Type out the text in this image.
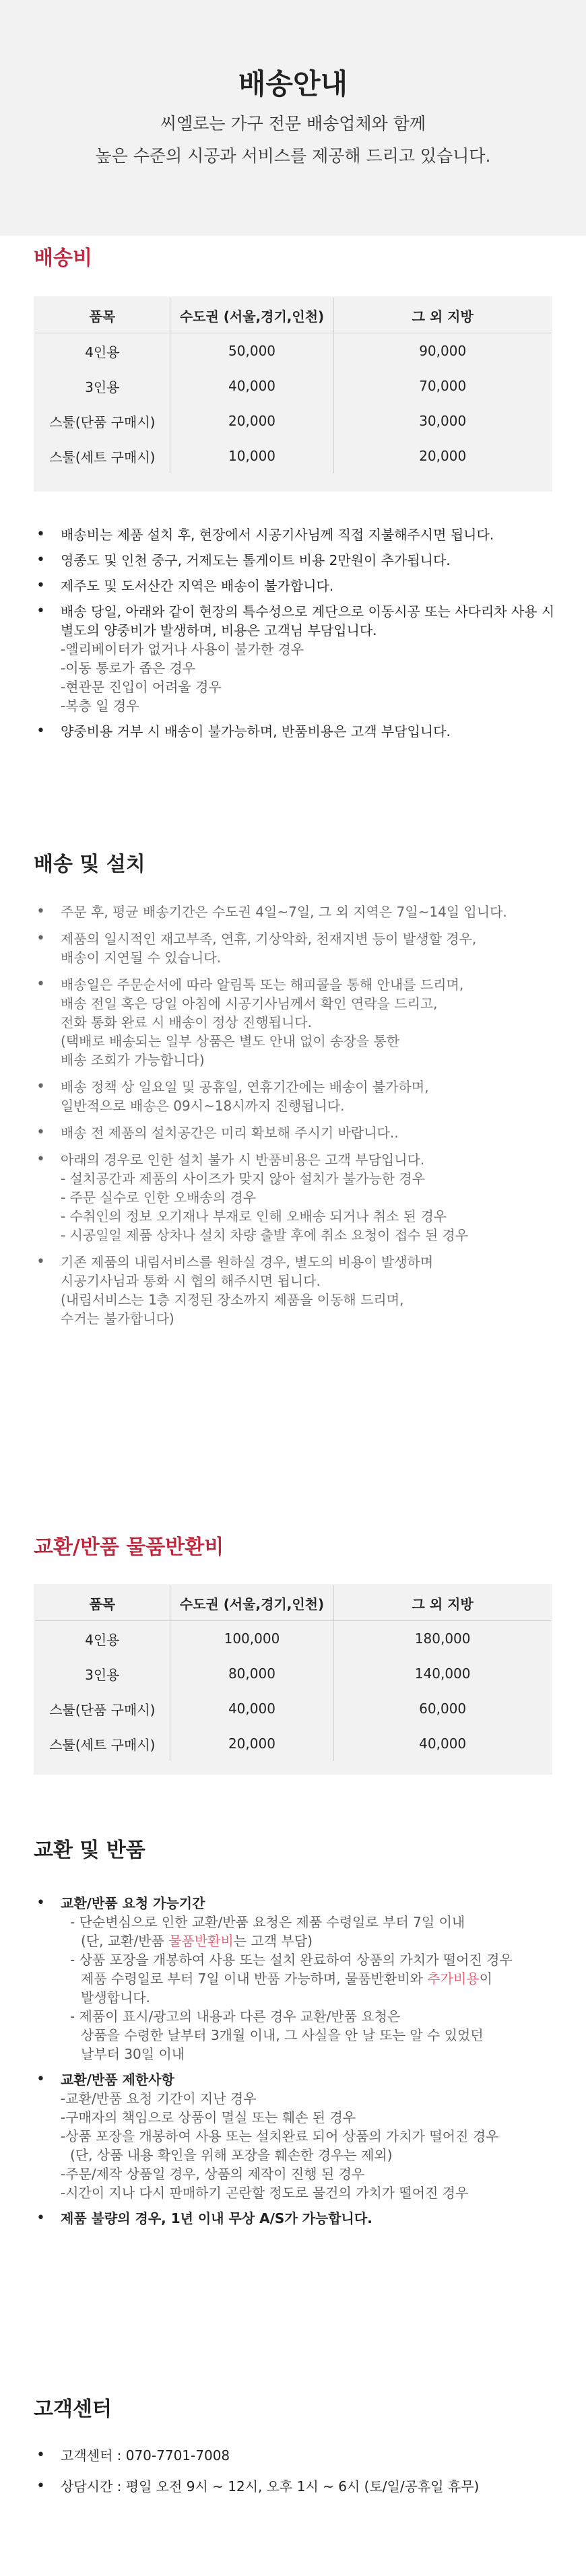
배송안내
씨엘로는 가구 전문 배송업체와 함께
높은 수준의 시공과 서비스를 제공해 드리고 있습니다.
배송비
품목	수도권 (서울,경기,인천)	그 외 지방
4인용	50,000	90,000
3인용	40,000	70,000
스툴(단품 구매시)	20,000	30,000
스툴(세트 구매시)	10,000	20,000
• 배송비는 제품 설치 후, 현장에서 시공기사님께 직접 지불해주시면 됩니다.
• 영종도 및 인천 중구, 거제도는 톨게이트 비용 2만원이 추가됩니다.
• 제주도 및 도서산간 지역은 배송이 불가합니다.
• 배송 당일, 아래와 같이 현장의 특수성으로 계단으로 이동시공 또는 사다리차 사용 시 별도의 양중비가 발생하며, 비용은 고객님 부담입니다.
-엘리베이터가 없거나 사용이 불가한 경우
-이동 통로가 좁은 경우
-현관문 진입이 어려울 경우
-복층 일 경우
• 양중비용 거부 시 배송이 불가능하며, 반품비용은 고객 부담입니다.
배송 및 설치
• 주문 후, 평균 배송기간은 수도권 4일~7일, 그 외 지역은 7일~14일 입니다.
• 제품의 일시적인 재고부족, 연휴, 기상악화, 천재지변 등이 발생할 경우,
배송이 지연될 수 있습니다.
• 배송일은 주문순서에 따라 알림톡 또는 해피콜을 통해 안내를 드리며,
배송 전일 혹은 당일 아침에 시공기사님께서 확인 연락을 드리고,
전화 통화 완료 시 배송이 정상 진행됩니다.
(택배로 배송되는 일부 상품은 별도 안내 없이 송장을 통한
배송 조회가 가능합니다)
• 배송 정책 상 일요일 및 공휴일, 연휴기간에는 배송이 불가하며,
일반적으로 배송은 09시~18시까지 진행됩니다.
• 배송 전 제품의 설치공간은 미리 확보해 주시기 바랍니다..
• 아래의 경우로 인한 설치 불가 시 반품비용은 고객 부담입니다.
- 설치공간과 제품의 사이즈가 맞지 않아 설치가 불가능한 경우
- 주문 실수로 인한 오배송의 경우
- 수취인의 정보 오기재나 부재로 인해 오배송 되거나 취소 된 경우
- 시공일일 제품 상차나 설치 차량 출발 후에 취소 요청이 접수 된 경우
• 기존 제품의 내림서비스를 원하실 경우, 별도의 비용이 발생하며
시공기사님과 통화 시 협의 해주시면 됩니다.
(내림서비스는 1층 지정된 장소까지 제품을 이동해 드리며,
수거는 불가합니다)
교환/반품 물품반환비
품목	수도권 (서울,경기,인천)	그 외 지방
4인용	100,000	180,000
3인용	80,000	140,000
스툴(단품 구매시)	40,000	60,000
스툴(세트 구매시)	20,000	40,000
교환 및 반품
• 교환/반품 요청 가능기간
- 단순변심으로 인한 교환/반품 요청은 제품 수령일로 부터 7일 이내
(단, 교환/반품 물품반환비는 고객 부담)
- 상품 포장을 개봉하여 사용 또는 설치 완료하여 상품의 가치가 떨어진 경우
제품 수령일로 부터 7일 이내 반품 가능하며, 물품반환비와 추가비용이
발생합니다.
- 제품이 표시/광고의 내용과 다른 경우 교환/반품 요청은
상품을 수령한 날부터 3개월 이내, 그 사실을 안 날 또는 알 수 있었던
날부터 30일 이내
• 교환/반품 제한사항
-교환/반품 요청 기간이 지난 경우
-구매자의 책임으로 상품이 멸실 또는 훼손 된 경우
-상품 포장을 개봉하여 사용 또는 설치완료 되어 상품의 가치가 떨어진 경우
(단, 상품 내용 확인을 위해 포장을 훼손한 경우는 제외)
-주문/제작 상품일 경우, 상품의 제작이 진행 된 경우
-시간이 지나 다시 판매하기 곤란할 정도로 물건의 가치가 떨어진 경우
• 제품 불량의 경우, 1년 이내 무상 A/S가 가능합니다.
고객센터
• 고객센터 : 070-7701-7008
• 상담시간 : 평일 오전 9시 ~ 12시, 오후 1시 ~ 6시 (토/일/공휴일 휴무)
